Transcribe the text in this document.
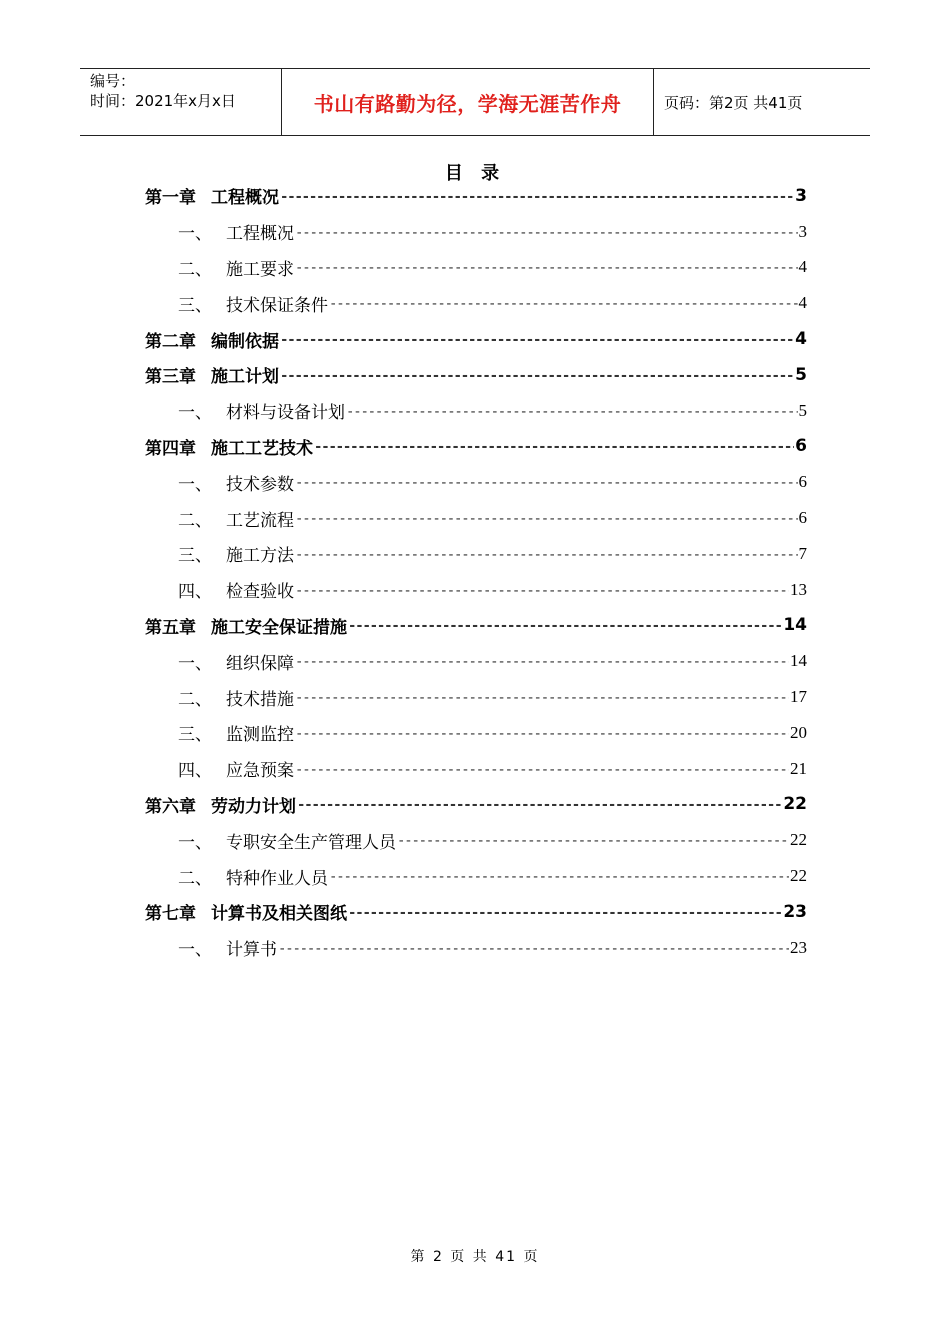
编号：
时间：2021年x月x日	书山有路勤为径，学海无涯苦作舟	页码：第2页 共41页
目 录
第一章 工程概况 -----	3
一、 工程概况 -----	3
二、 施工要求 -----	4
三、 技术保证条件 -----	4
第二章 编制依据 -----	4
第三章 施工计划 -----	5
一、 材料与设备计划 -----	5
第四章 施工工艺技术 -----	6
一、 技术参数 -----	6
二、 工艺流程 -----	6
三、 施工方法 -----	7
四、 检查验收 -----	13
第五章 施工安全保证措施 -----	14
一、 组织保障 -----	14
二、 技术措施 -----	17
三、 监测监控 -----	20
四、 应急预案 -----	21
第六章 劳动力计划 -----	22
一、 专职安全生产管理人员 -----	22
二、 特种作业人员 -----	22
第七章 计算书及相关图纸 -----	23
一、 计算书 -----	23
第 2 页 共 41 页
